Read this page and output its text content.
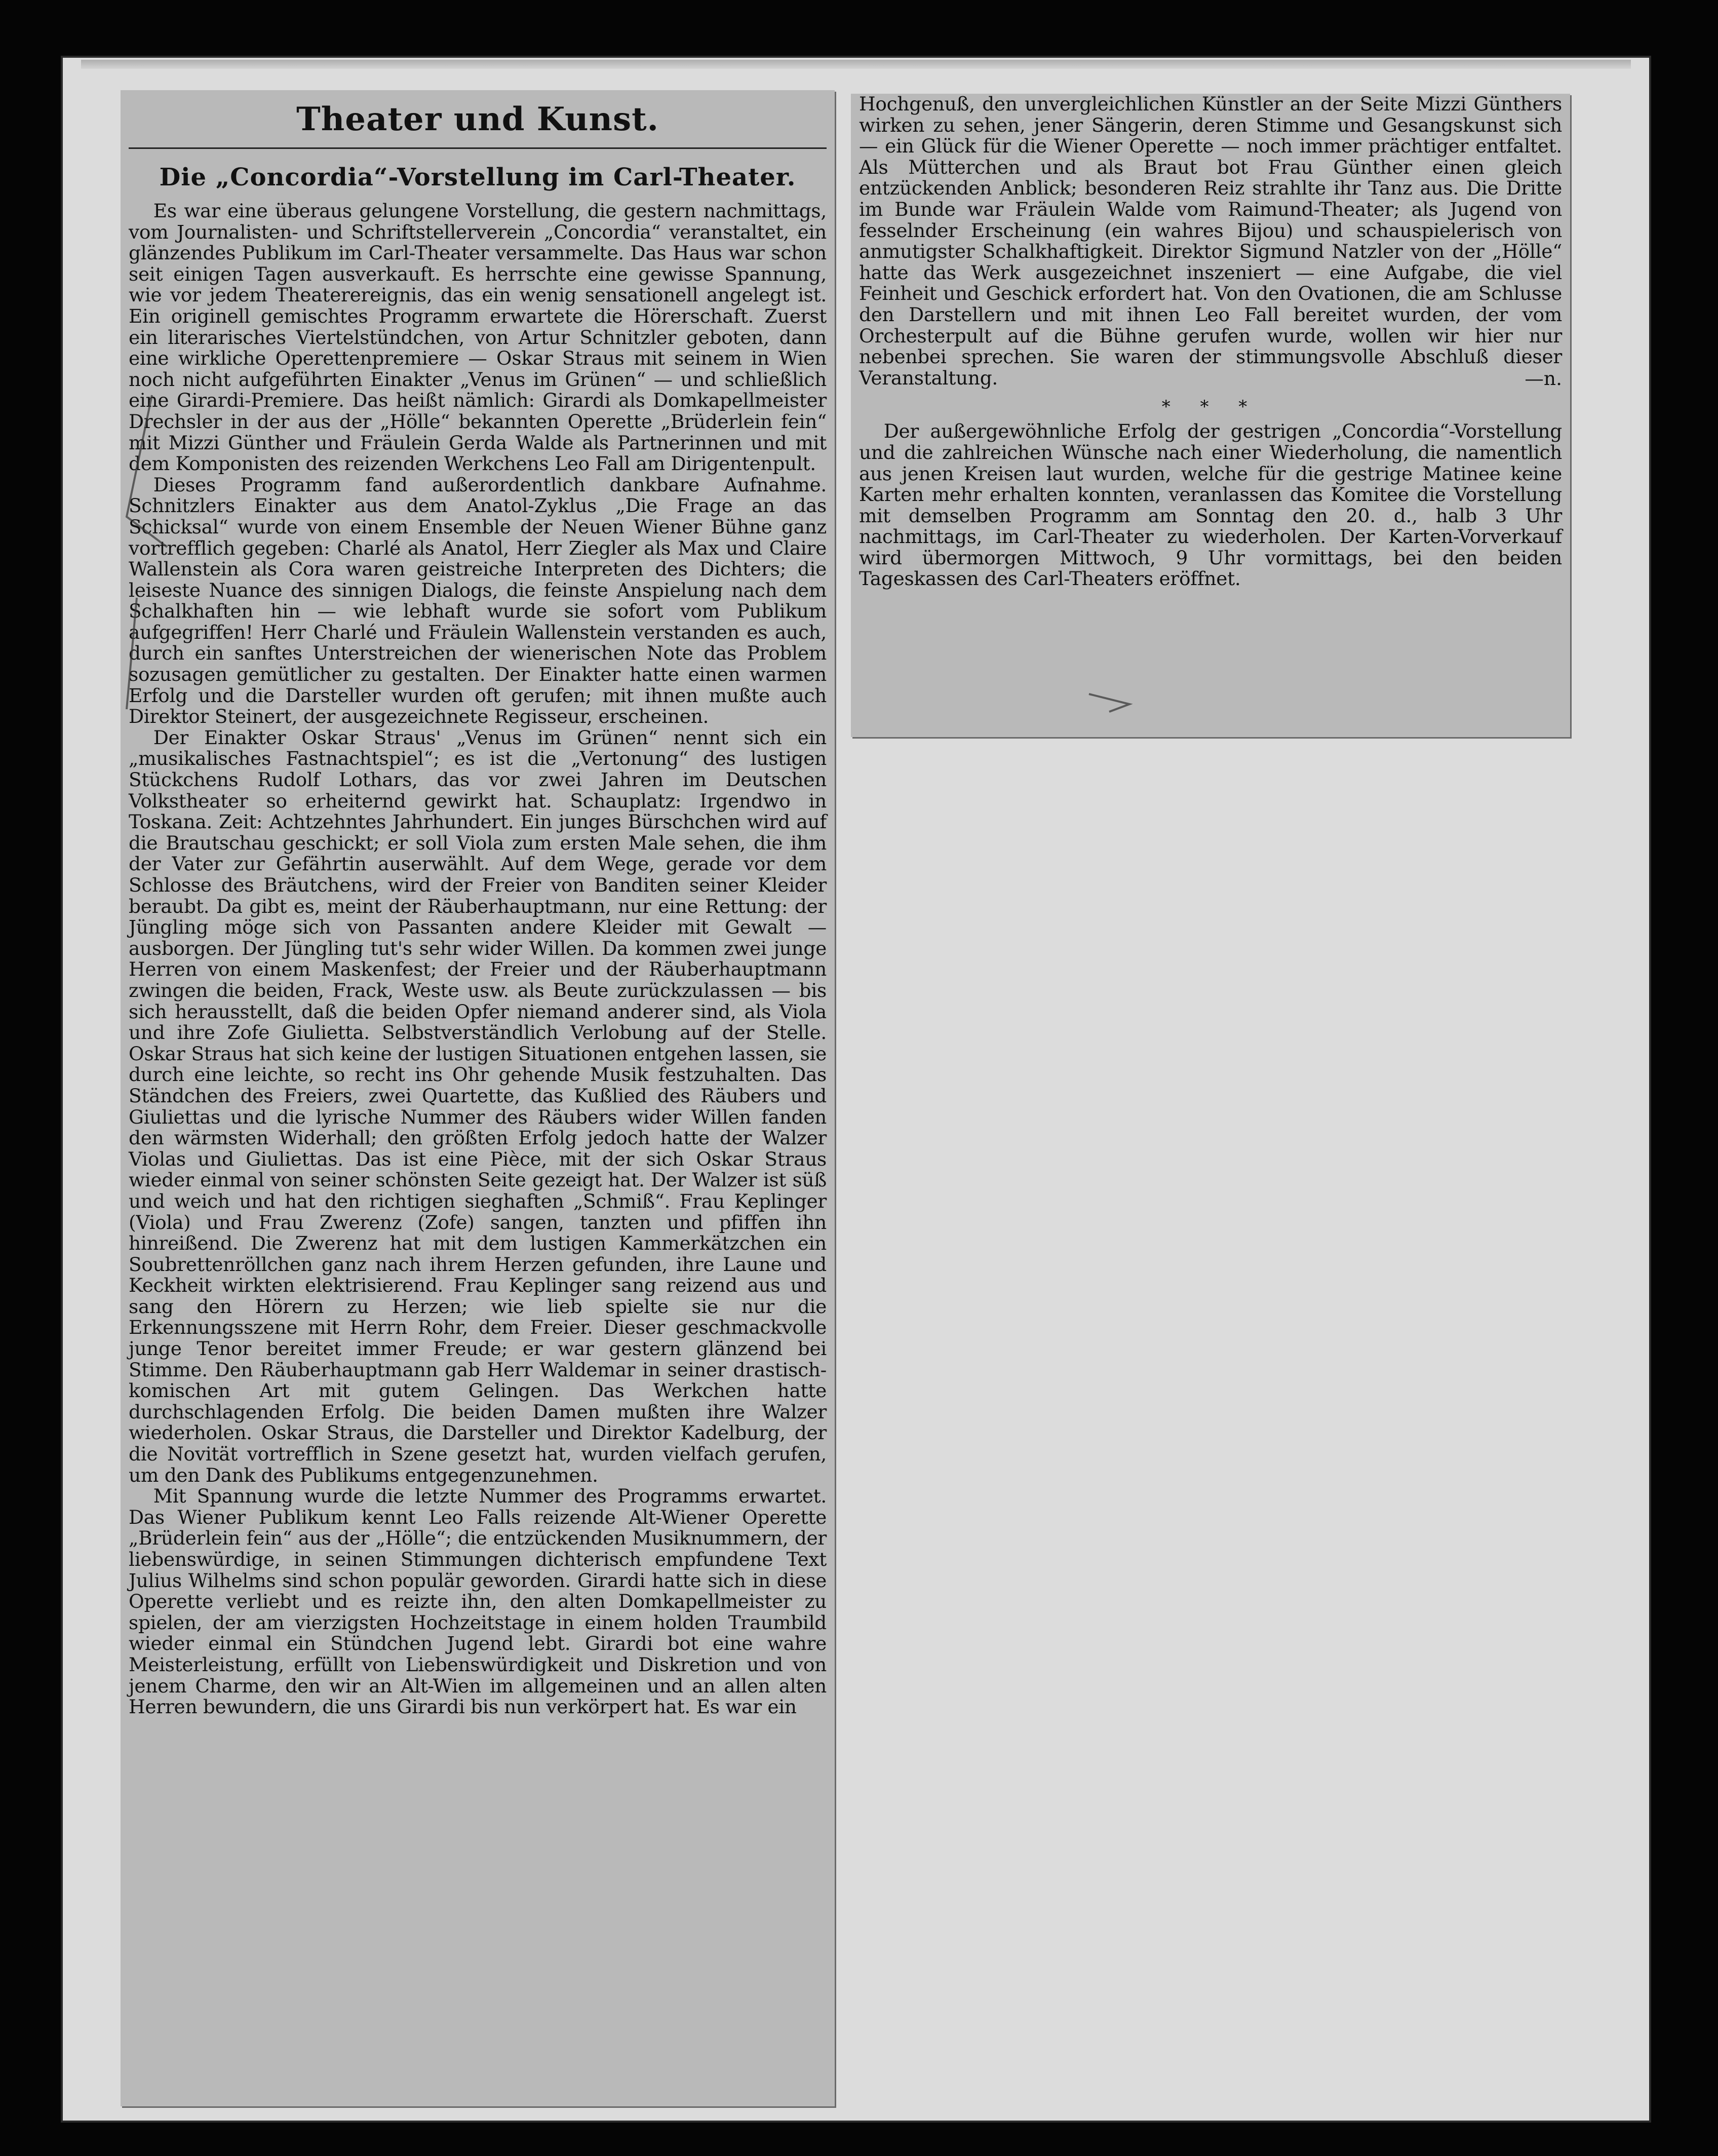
Theater und Kunst.
Die „Concordia“-Vorstellung im Carl-Theater.

Es war eine überaus gelungene Vorstellung, die gestern nachmittags, vom Journalisten- und Schriftstellerverein „Concordia“ veranstaltet, ein glänzendes Publikum im Carl-Theater versammelte. Das Haus war schon seit einigen Tagen ausverkauft. Es herrschte eine gewisse Spannung, wie vor jedem Theaterereignis, das ein wenig sensationell angelegt ist. Ein originell gemischtes Programm erwartete die Hörerschaft. Zuerst ein literarisches Viertelstündchen, von Artur Schnitzler geboten, dann eine wirkliche Operettenpremiere — Oskar Straus mit seinem in Wien noch nicht aufgeführten Einakter „Venus im Grünen“ — und schließlich eine Girardi-Premiere. Das heißt nämlich: Girardi als Domkapellmeister Drechsler in der aus der „Hölle“ bekannten Operette „Brüderlein fein“ mit Mizzi Günther und Fräulein Gerda Walde als Partnerinnen und mit dem Komponisten des reizenden Werkchens Leo Fall am Dirigentenpult.

Dieses Programm fand außerordentlich dankbare Aufnahme. Schnitzlers Einakter aus dem Anatol-Zyklus „Die Frage an das Schicksal“ wurde von einem Ensemble der Neuen Wiener Bühne ganz vortrefflich gegeben: Charlé als Anatol, Herr Ziegler als Max und Claire Wallenstein als Cora waren geistreiche Interpreten des Dichters; die leiseste Nuance des sinnigen Dialogs, die feinste Anspielung nach dem Schalkhaften hin — wie lebhaft wurde sie sofort vom Publikum aufgegriffen! Herr Charlé und Fräulein Wallenstein verstanden es auch, durch ein sanftes Unterstreichen der wienerischen Note das Problem sozusagen gemütlicher zu gestalten. Der Einakter hatte einen warmen Erfolg und die Darsteller wurden oft gerufen; mit ihnen mußte auch Direktor Steinert, der ausgezeichnete Regisseur, erscheinen.

Der Einakter Oskar Straus' „Venus im Grünen“ nennt sich ein „musikalisches Fastnachtspiel“; es ist die „Vertonung“ des lustigen Stückchens Rudolf Lothars, das vor zwei Jahren im Deutschen Volkstheater so erheiternd gewirkt hat. Schauplatz: Irgendwo in Toskana. Zeit: Achtzehntes Jahrhundert. Ein junges Bürschchen wird auf die Brautschau geschickt; er soll Viola zum ersten Male sehen, die ihm der Vater zur Gefährtin auserwählt. Auf dem Wege, gerade vor dem Schlosse des Bräutchens, wird der Freier von Banditen seiner Kleider beraubt. Da gibt es, meint der Räuberhauptmann, nur eine Rettung: der Jüngling möge sich von Passanten andere Kleider mit Gewalt — ausborgen. Der Jüngling tut's sehr wider Willen. Da kommen zwei junge Herren von einem Maskenfest; der Freier und der Räuberhauptmann zwingen die beiden, Frack, Weste usw. als Beute zurückzulassen — bis sich herausstellt, daß die beiden Opfer niemand anderer sind, als Viola und ihre Zofe Giulietta. Selbstverständlich Verlobung auf der Stelle. Oskar Straus hat sich keine der lustigen Situationen entgehen lassen, sie durch eine leichte, so recht ins Ohr gehende Musik festzuhalten. Das Ständchen des Freiers, zwei Quartette, das Kußlied des Räubers und Giuliettas und die lyrische Nummer des Räubers wider Willen fanden den wärmsten Widerhall; den größten Erfolg jedoch hatte der Walzer Violas und Giuliettas. Das ist eine Pièce, mit der sich Oskar Straus wieder einmal von seiner schönsten Seite gezeigt hat. Der Walzer ist süß und weich und hat den richtigen sieghaften „Schmiß“. Frau Keplinger (Viola) und Frau Zwerenz (Zofe) sangen, tanzten und pfiffen ihn hinreißend. Die Zwerenz hat mit dem lustigen Kammerkätzchen ein Soubrettenröllchen ganz nach ihrem Herzen gefunden, ihre Laune und Keckheit wirkten elektrisierend. Frau Keplinger sang reizend aus und sang den Hörern zu Herzen; wie lieb spielte sie nur die Erkennungsszene mit Herrn Rohr, dem Freier. Dieser geschmackvolle junge Tenor bereitet immer Freude; er war gestern glänzend bei Stimme. Den Räuberhauptmann gab Herr Waldemar in seiner drastisch-komischen Art mit gutem Gelingen. Das Werkchen hatte durchschlagenden Erfolg. Die beiden Damen mußten ihre Walzer wiederholen. Oskar Straus, die Darsteller und Direktor Kadelburg, der die Novität vortrefflich in Szene gesetzt hat, wurden vielfach gerufen, um den Dank des Publikums entgegenzunehmen.

Mit Spannung wurde die letzte Nummer des Programms erwartet. Das Wiener Publikum kennt Leo Falls reizende Alt-Wiener Operette „Brüderlein fein“ aus der „Hölle“; die entzückenden Musiknummern, der liebenswürdige, in seinen Stimmungen dichterisch empfundene Text Julius Wilhelms sind schon populär geworden. Girardi hatte sich in diese Operette verliebt und es reizte ihn, den alten Domkapellmeister zu spielen, der am vierzigsten Hochzeitstage in einem holden Traumbild wieder einmal ein Stündchen Jugend lebt. Girardi bot eine wahre Meisterleistung, erfüllt von Liebenswürdigkeit und Diskretion und von jenem Charme, den wir an Alt-Wien im allgemeinen und an allen alten Herren bewundern, die uns Girardi bis nun verkörpert hat. Es war ein

Hochgenuß, den unvergleichlichen Künstler an der Seite Mizzi Günthers wirken zu sehen, jener Sängerin, deren Stimme und Gesangskunst sich — ein Glück für die Wiener Operette — noch immer prächtiger entfaltet. Als Mütterchen und als Braut bot Frau Günther einen gleich entzückenden Anblick; besonderen Reiz strahlte ihr Tanz aus. Die Dritte im Bunde war Fräulein Walde vom Raimund-Theater; als Jugend von fesselnder Erscheinung (ein wahres Bijou) und schauspielerisch von anmutigster Schalkhaftigkeit. Direktor Sigmund Natzler von der „Hölle“ hatte das Werk ausgezeichnet inszeniert — eine Aufgabe, die viel Feinheit und Geschick erfordert hat. Von den Ovationen, die am Schlusse den Darstellern und mit ihnen Leo Fall bereitet wurden, der vom Orchesterpult auf die Bühne gerufen wurde, wollen wir hier nur nebenbei sprechen. Sie waren der stimmungsvolle Abschluß dieser Veranstaltung.	—n.
* * *

Der außergewöhnliche Erfolg der gestrigen „Concordia“-Vorstellung und die zahlreichen Wünsche nach einer Wiederholung, die namentlich aus jenen Kreisen laut wurden, welche für die gestrige Matinee keine Karten mehr erhalten konnten, veranlassen das Komitee die Vorstellung mit demselben Programm am Sonntag den 20. d., halb 3 Uhr nachmittags, im Carl-Theater zu wiederholen. Der Karten-Vorverkauf wird übermorgen Mittwoch, 9 Uhr vormittags, bei den beiden Tageskassen des Carl-Theaters eröffnet.
